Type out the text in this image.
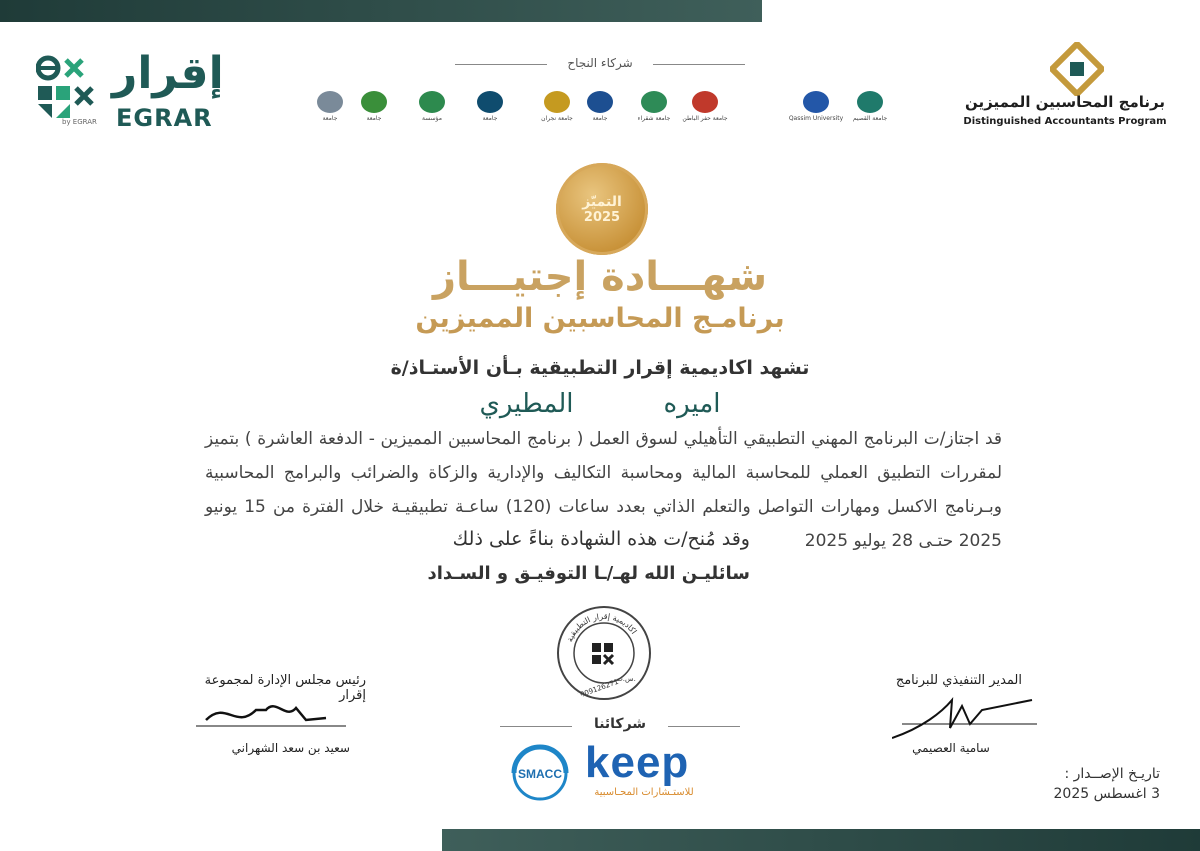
إقرار
EGRAR
by EGRAR
برنامج المحاسبين المميزين
Distinguished Accountants Program
شركاء النجاح
جامعة القصيم
Qassim University
جامعة حفر الباطن
جامعة شقراء
جامعة
جامعة نجران
جامعة
مؤسسة
جامعة
جامعة
التميّز
2025
شهـــادة إجتيـــاز
برنامـج المحاسبين المميزين
تشهد اكاديمية إقرار التطبيقية بـأن الأستـاذ/ة
اميرهالمطيري
قد اجتاز/ت البرنامج المهني التطبيقي التأهيلي لسوق العمل ( برنامج المحاسبين المميزين - الدفعة العاشرة ) بتميز لمقررات التطبيق العملي للمحاسبة المالية ومحاسبة التكاليف والإدارية والزكاة والضرائب والبرامج المحاسبية وبـرنامج الاكسل ومهارات التواصل والتعلم الذاتي بعدد ساعات (120) ساعـة تطبيقيـة خلال الفترة من 15 يونيو 2025 حتـى 28 يوليو 2025
وقد مُنح/ت هذه الشهادة بناءً على ذلك
سائليـن الله لهـ/ـا التوفيـق و السـداد
اكاديمية إقرار التطبيقية
1009126271
س.ت.
رئيس مجلس الإدارة لمجموعة إقرار
سعيد بن سعد الشهراني
المدير التنفيذي للبرنامج
سامية العصيمي
شركائنا
SMACC keep
للاستـشارات المحـاسبية
تاريـخ الإصــدار :
3 اغسطس 2025
